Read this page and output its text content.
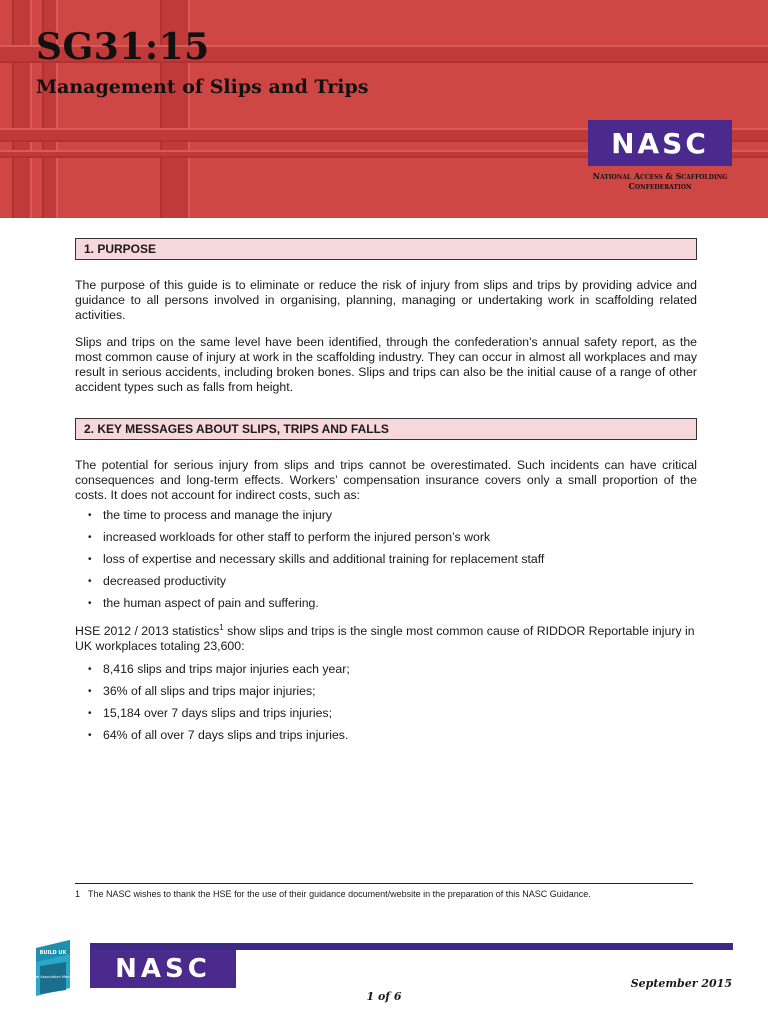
SG31:15
Management of Slips and Trips
NASC
National Access & Scaffolding
Confederation
1. PURPOSE

The purpose of this guide is to eliminate or reduce the risk of injury from slips and trips by providing advice and guidance to all persons involved in organising, planning, managing or undertaking work in scaffolding related activities.

Slips and trips on the same level have been identified, through the confederation's annual safety report, as the most common cause of injury at work in the scaffolding industry. They can occur in almost all workplaces and may result in serious accidents, including broken bones. Slips and trips can also be the initial cause of a range of other accident types such as falls from height.

2. KEY MESSAGES ABOUT SLIPS, TRIPS AND FALLS

The potential for serious injury from slips and trips cannot be overestimated. Such incidents can have critical consequences and long-term effects. Workers’ compensation insurance covers only a small proportion of the costs. It does not account for indirect costs, such as:

• the time to process and manage the injury
• increased workloads for other staff to perform the injured person’s work
• loss of expertise and necessary skills and additional training for replacement staff
• decreased productivity
• the human aspect of pain and suffering.

HSE 2012 / 2013 statistics$^1$ show slips and trips is the single most common cause of RIDDOR Reportable injury in UK workplaces totaling 23,600:

• 8,416 slips and trips major injuries each year;
• 36% of all slips and trips major injuries;
• 15,184 over 7 days slips and trips injuries;
• 64% of all over 7 days slips and trips injuries.
1 The NASC wishes to thank the HSE for the use of their guidance document/website in the preparation of this NASC Guidance.
BUILD UK
Trade Association Member	NASC	September 2015
1 of 6
